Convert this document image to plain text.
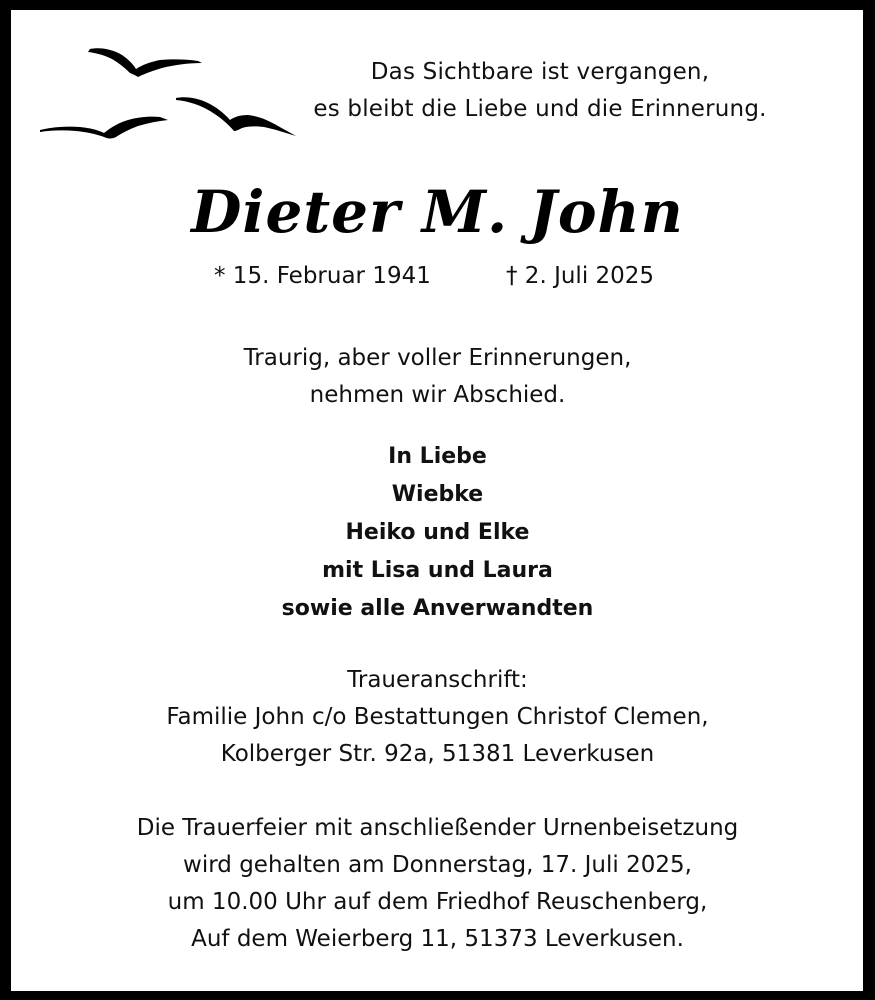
Das Sichtbare ist vergangen,
es bleibt die Liebe und die Erinnerung.
Dieter M. John
* 15. Februar 1941	† 2. Juli 2025
Traurig, aber voller Erinnerungen,
nehmen wir Abschied.
In Liebe
Wiebke
Heiko und Elke
mit Lisa und Laura
sowie alle Anverwandten
Traueranschrift:
Familie John c/o Bestattungen Christof Clemen,
Kolberger Str. 92a, 51381 Leverkusen
Die Trauerfeier mit anschließender Urnenbeisetzung
wird gehalten am Donnerstag, 17. Juli 2025,
um 10.00 Uhr auf dem Friedhof Reuschenberg,
Auf dem Weierberg 11, 51373 Leverkusen.
